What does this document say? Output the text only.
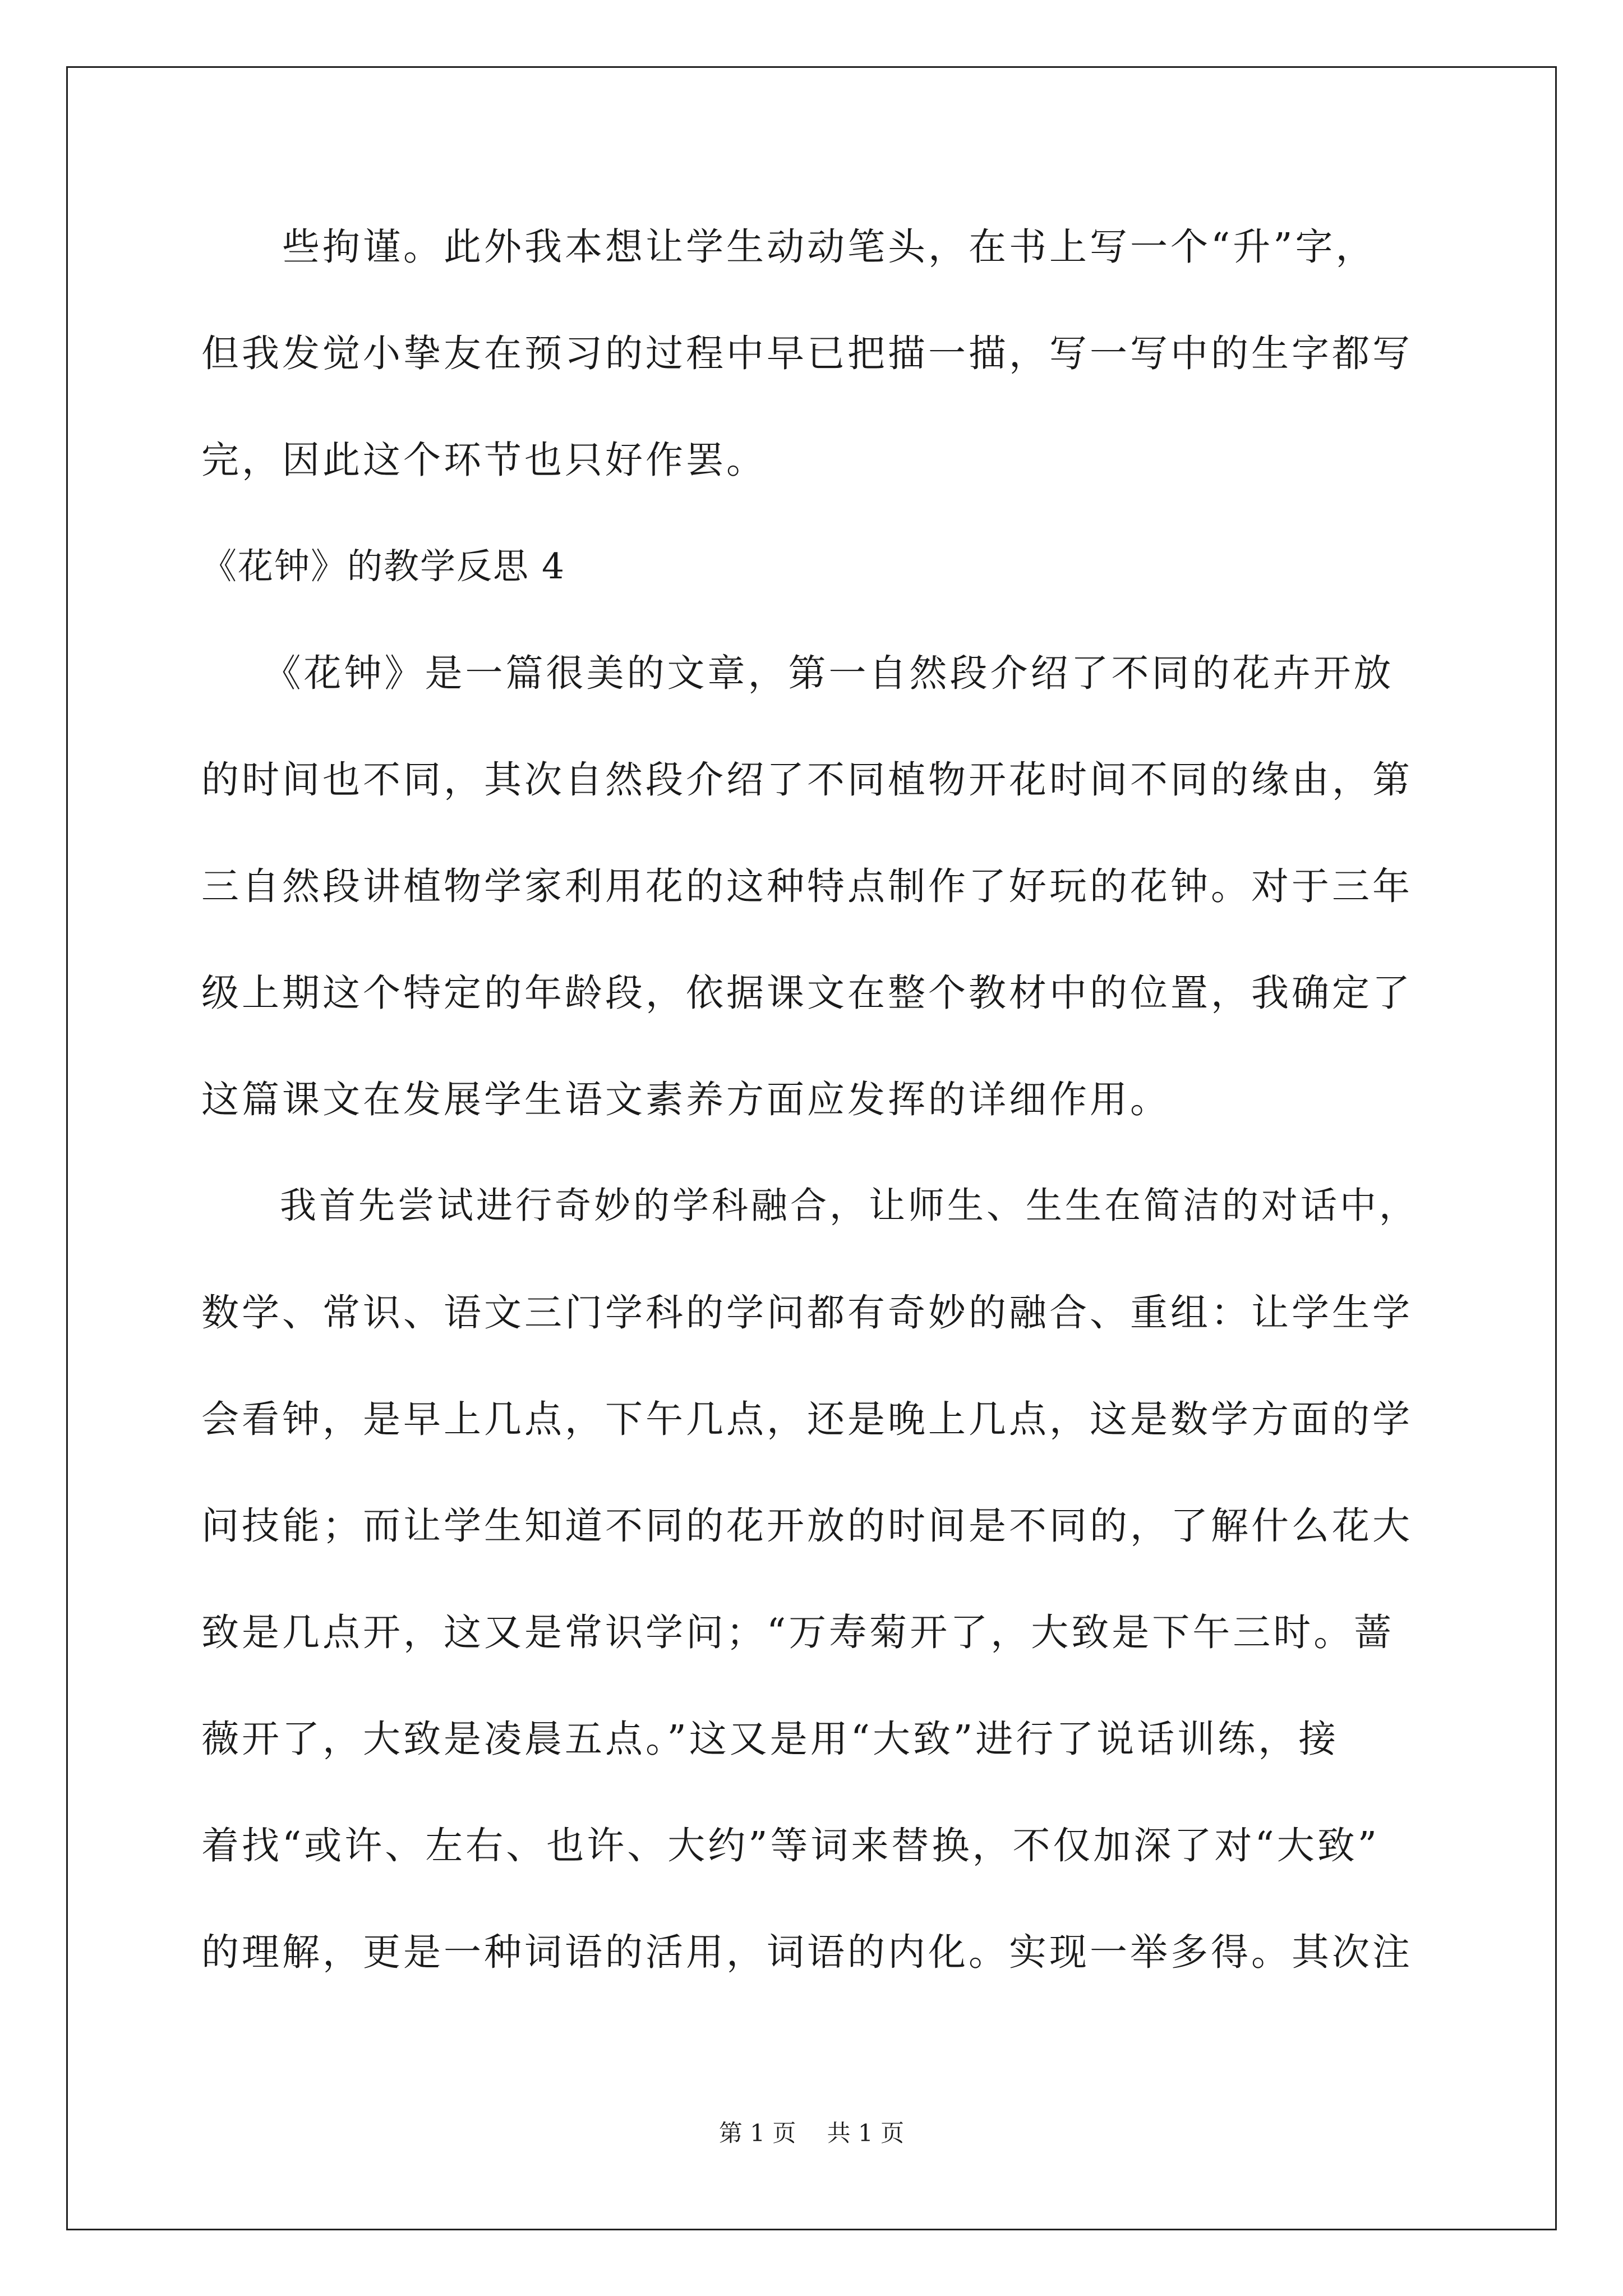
　　些拘谨。此外我本想让学生动动笔头，在书上写一个“升”字，
但我发觉小挚友在预习的过程中早已把描一描，写一写中的生字都写
完，因此这个环节也只好作罢。
《花钟》的教学反思 4
　　《花钟》是一篇很美的文章，第一自然段介绍了不同的花卉开放
的时间也不同，其次自然段介绍了不同植物开花时间不同的缘由，第
三自然段讲植物学家利用花的这种特点制作了好玩的花钟。对于三年
级上期这个特定的年龄段，依据课文在整个教材中的位置，我确定了
这篇课文在发展学生语文素养方面应发挥的详细作用。
　　我首先尝试进行奇妙的学科融合，让师生、生生在简洁的对话中，
数学、常识、语文三门学科的学问都有奇妙的融合、重组：让学生学
会看钟，是早上几点，下午几点，还是晚上几点，这是数学方面的学
问技能；而让学生知道不同的花开放的时间是不同的，了解什么花大
致是几点开，这又是常识学问；“万寿菊开了，大致是下午三时。蔷
薇开了，大致是凌晨五点。”这又是用“大致”进行了说话训练，接
着找“或许、左右、也许、大约”等词来替换，不仅加深了对“大致”
的理解，更是一种词语的活用，词语的内化。实现一举多得。其次注
第 1 页　 共 1 页
